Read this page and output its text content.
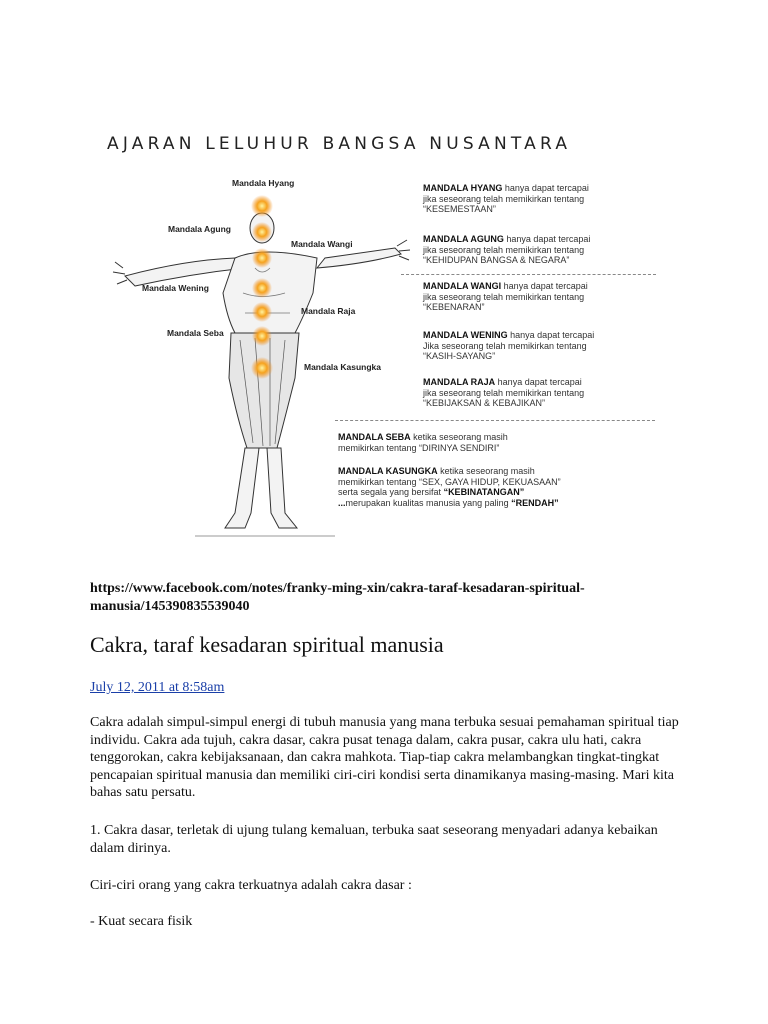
AJARAN LELUHUR BANGSA NUSANTARA
Mandala Hyang
Mandala Agung
Mandala Wangi
Mandala Wening
Mandala Raja
Mandala Seba
Mandala Kasungka
MANDALA HYANG hanya dapat tercapai
jika seseorang telah memikirkan tentang
“KESEMESTAAN”
MANDALA AGUNG hanya dapat tercapai
jika seseorang telah memikirkan tentang
“KEHIDUPAN BANGSA & NEGARA”
MANDALA WANGI hanya dapat tercapai
jika seseorang telah memikirkan tentang
“KEBENARAN”
MANDALA WENING hanya dapat tercapai
Jika seseorang telah memikirkan tentang
“KASIH-SAYANG”
MANDALA RAJA hanya dapat tercapai
jika seseorang telah memikirkan tentang
“KEBIJAKSAN & KEBAJIKAN”
MANDALA SEBA ketika seseorang masih
memikirkan tentang “DIRINYA SENDIRI”
MANDALA KASUNGKA ketika seseorang masih
memikirkan tentang “SEX, GAYA HIDUP, KEKUASAAN”
serta segala yang bersifat “KEBINATANGAN”
...merupakan kualitas manusia yang paling “RENDAH”
https://www.facebook.com/notes/franky-ming-xin/cakra-taraf-kesadaran-spiritual-manusia/145390835539040
Cakra, taraf kesadaran spiritual manusia
July 12, 2011 at 8:58am
Cakra adalah simpul-simpul energi di tubuh manusia yang mana terbuka sesuai pemahaman spiritual tiap individu. Cakra ada tujuh, cakra dasar, cakra pusat tenaga dalam, cakra pusar, cakra ulu hati, cakra tenggorokan, cakra kebijaksanaan, dan cakra mahkota. Tiap-tiap cakra melambangkan tingkat-tingkat pencapaian spiritual manusia dan memiliki ciri-ciri kondisi serta dinamikanya masing-masing. Mari kita bahas satu persatu.
1. Cakra dasar, terletak di ujung tulang kemaluan, terbuka saat seseorang menyadari adanya kebaikan dalam dirinya.
Ciri-ciri orang yang cakra terkuatnya adalah cakra dasar :
- Kuat secara fisik
